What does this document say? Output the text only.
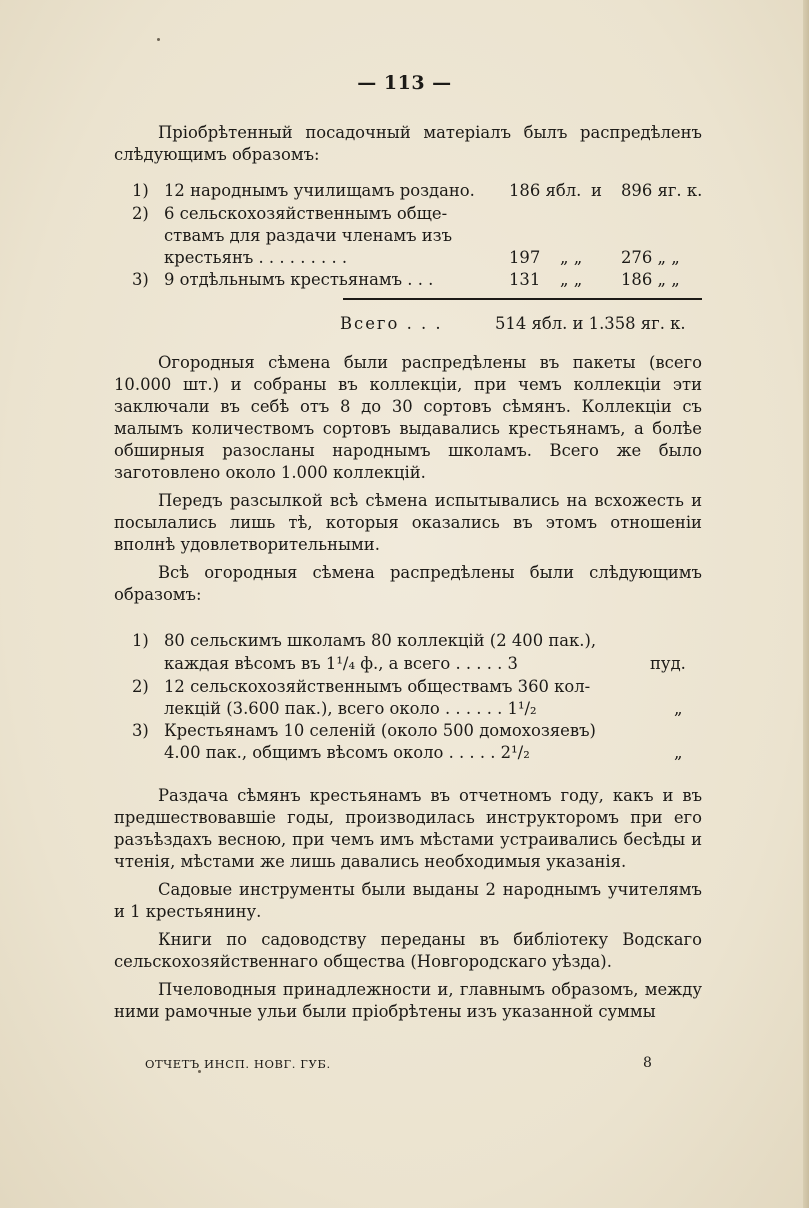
— 113 —

Пріобрѣтенный посадочный матеріалъ былъ распредѣленъ слѣдующимъ образомъ:

1) 12 народнымъ училищамъ роздано. 186 ябл. и 896 яг. к.
2) 6 сельскохозяйственнымъ обще-
ствамъ для раздачи членамъ изъ
крестьянъ . . . . . . . . .	197 „ „ 276 „ „
3) 9 отдѣльнымъ крестьянамъ . . .	131 „ „ 186 „ „
Всего . . .	514 ябл. и 1.358 яг. к.

Огородныя сѣмена были распредѣлены въ пакеты (всего 10.000 шт.) и собраны въ коллекціи, при чемъ коллекціи эти заключали въ себѣ отъ 8 до 30 сортовъ сѣмянъ. Коллекціи съ малымъ количествомъ сортовъ выдавались крестьянамъ, а болѣе обширныя разосланы народнымъ школамъ. Всего же было заготовлено около 1.000 коллекцій.

Передъ разсылкой всѣ сѣмена испытывались на всхожесть и посылались лишь тѣ, которыя оказались въ этомъ отношеніи вполнѣ удовлетворительными.

Всѣ огородныя сѣмена распредѣлены были слѣдующимъ образомъ:

1) 80 сельскимъ школамъ 80 коллекцій (2 400 пак.),
каждая вѣсомъ въ 1¹/₄ ф., а всего . . . . . 3	пуд.
2) 12 сельскохозяйственнымъ обществамъ 360 кол-
лекцій (3.600 пак.), всего около . . . . . . 1¹/₂	„
3) Крестьянамъ 10 селеній (около 500 домохозяевъ)
4.00 пак., общимъ вѣсомъ около . . . . . 2¹/₂	„

Раздача сѣмянъ крестьянамъ въ отчетномъ году, какъ и въ предшествовавшіе годы, производилась инструкторомъ при его разъѣздахъ весною, при чемъ имъ мѣстами устраивались бесѣды и чтенія, мѣстами же лишь давались необходимыя указанія.

Садовые инструменты были выданы 2 народнымъ учителямъ и 1 крестьянину.

Книги по садоводству переданы въ библіотеку Водскаго сельскохозяйственнаго общества (Новгородскаго уѣзда).

Пчеловодныя принадлежности и, главнымъ образомъ, между ними рамочные ульи были пріобрѣтены изъ указанной суммы

ОТЧЕТЪ ИНСП. НОВГ. ГУБ.	8
